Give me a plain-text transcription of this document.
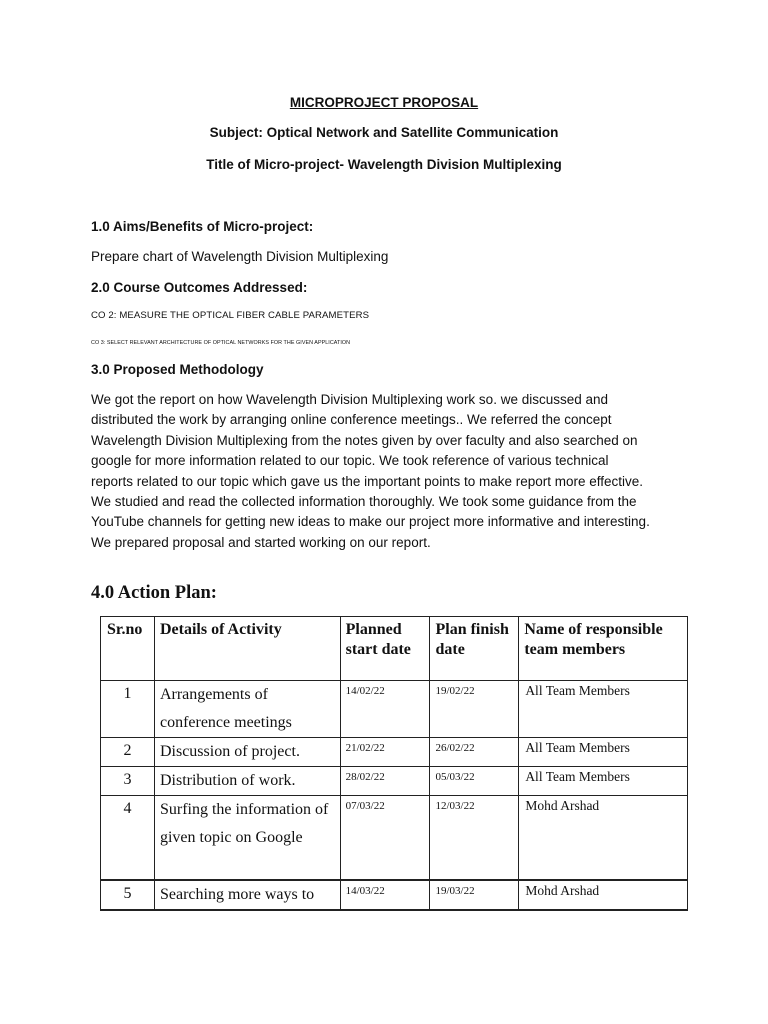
MICROPROJECT PROPOSAL
Subject: Optical Network and Satellite Communication
Title of Micro-project- Wavelength Division Multiplexing
1.0 Aims/Benefits of Micro-project:
Prepare chart of Wavelength Division Multiplexing
2.0 Course Outcomes Addressed:
CO 2: MEASURE THE OPTICAL FIBER CABLE PARAMETERS
CO 3: SELECT RELEVANT ARCHITECTURE OF OPTICAL NETWORKS FOR THE GIVEN APPLICATION
3.0 Proposed Methodology
We got the report on how Wavelength Division Multiplexing work so. we discussed and
distributed the work by arranging online conference meetings.. We referred the concept
Wavelength Division Multiplexing from the notes given by over faculty and also searched on
google for more information related to our topic. We took reference of various technical
reports related to our topic which gave us the important points to make report more effective.
We studied and read the collected information thoroughly. We took some guidance from the
YouTube channels for getting new ideas to make our project more informative and interesting.
We prepared proposal and started working on our report.
4.0 Action Plan:
Sr.no	Details of Activity	Planned start date	Plan finish date	Name of responsible team members
1	Arrangements of conference meetings	14/02/22	19/02/22	All Team Members
2	Discussion of project.	21/02/22	26/02/22	All Team Members
3	Distribution of work.	28/02/22	05/03/22	All Team Members
4	Surfing the information of given topic on Google	07/03/22	12/03/22	Mohd Arshad
5	Searching more ways to	14/03/22	19/03/22	Mohd Arshad
